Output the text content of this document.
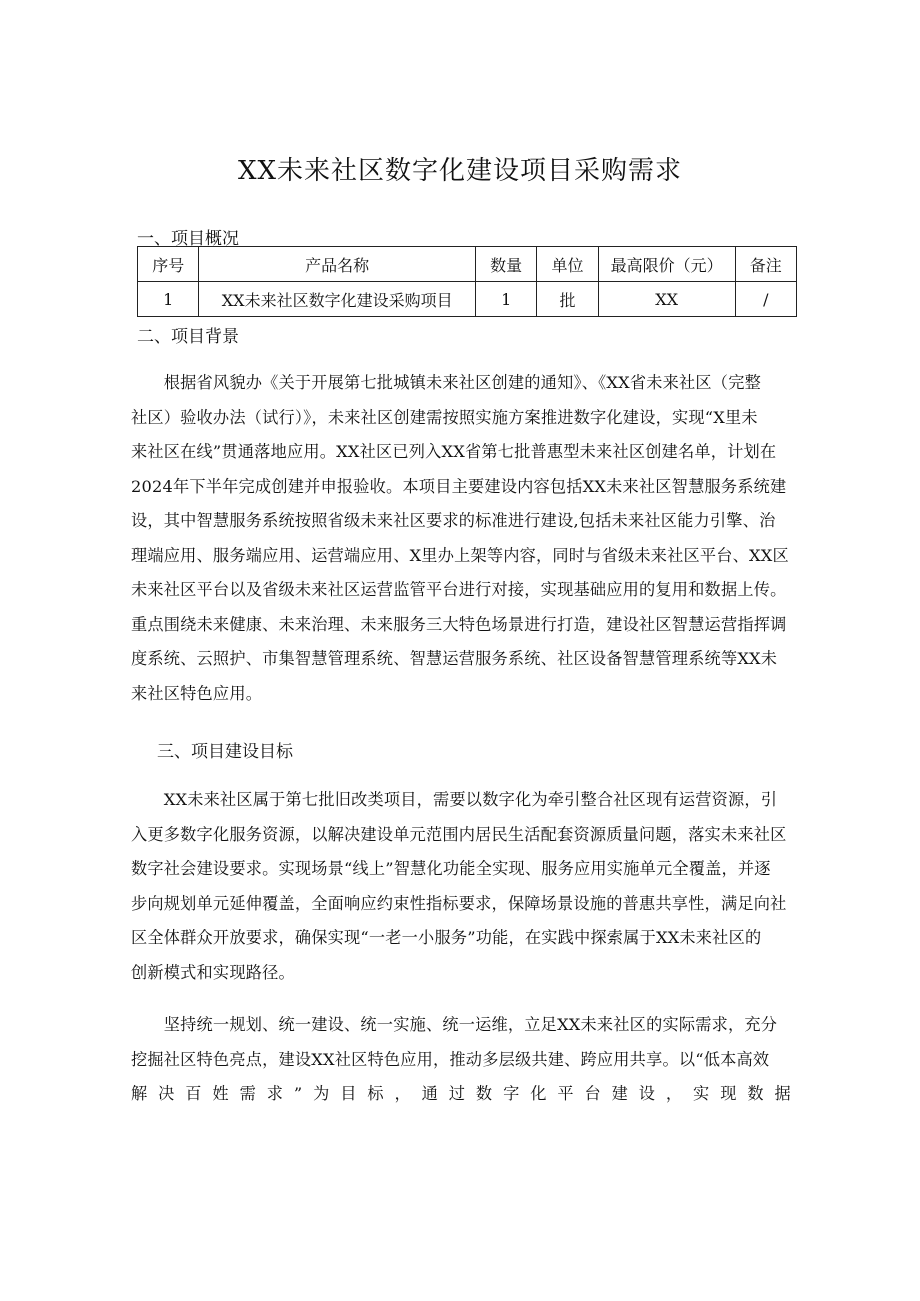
XX未来社区数字化建设项目采购需求
一、项目概况
序号	产品名称	数量	单位	最高限价（元）	备注
1	XX未来社区数字化建设采购项目	1	批	XX	/
二、项目背景
　　根据省风貌办《关于开展第七批城镇未来社区创建的通知》、《XX省未来社区（完整
社区）验收办法（试行）》，未来社区创建需按照实施方案推进数字化建设，实现“X里未
来社区在线”贯通落地应用。XX社区已列入XX省第七批普惠型未来社区创建名单，计划在
2024年下半年完成创建并申报验收。本项目主要建设内容包括XX未来社区智慧服务系统建
设，其中智慧服务系统按照省级未来社区要求的标准进行建设,包括未来社区能力引擎、治
理端应用、服务端应用、运营端应用、X里办上架等内容，同时与省级未来社区平台、XX区
未来社区平台以及省级未来社区运营监管平台进行对接，实现基础应用的复用和数据上传。
重点围绕未来健康、未来治理、未来服务三大特色场景进行打造，建设社区智慧运营指挥调
度系统、云照护、市集智慧管理系统、智慧运营服务系统、社区设备智慧管理系统等XX未
来社区特色应用。
三、项目建设目标
　　XX未来社区属于第七批旧改类项目，需要以数字化为牵引整合社区现有运营资源，引
入更多数字化服务资源，以解决建设单元范围内居民生活配套资源质量问题，落实未来社区
数字社会建设要求。实现场景“线上”智慧化功能全实现、服务应用实施单元全覆盖，并逐
步向规划单元延伸覆盖，全面响应约束性指标要求，保障场景设施的普惠共享性，满足向社
区全体群众开放要求，确保实现“一老一小服务”功能，在实践中探索属于XX未来社区的
创新模式和实现路径。
　　坚持统一规划、统一建设、统一实施、统一运维，立足XX未来社区的实际需求，充分
挖掘社区特色亮点，建设XX社区特色应用，推动多层级共建、跨应用共享。以“低本高效
解 决 百 姓 需 求 ” 为 目 标 ， 通 过 数 字 化 平 台 建 设 ， 实 现 数 据
